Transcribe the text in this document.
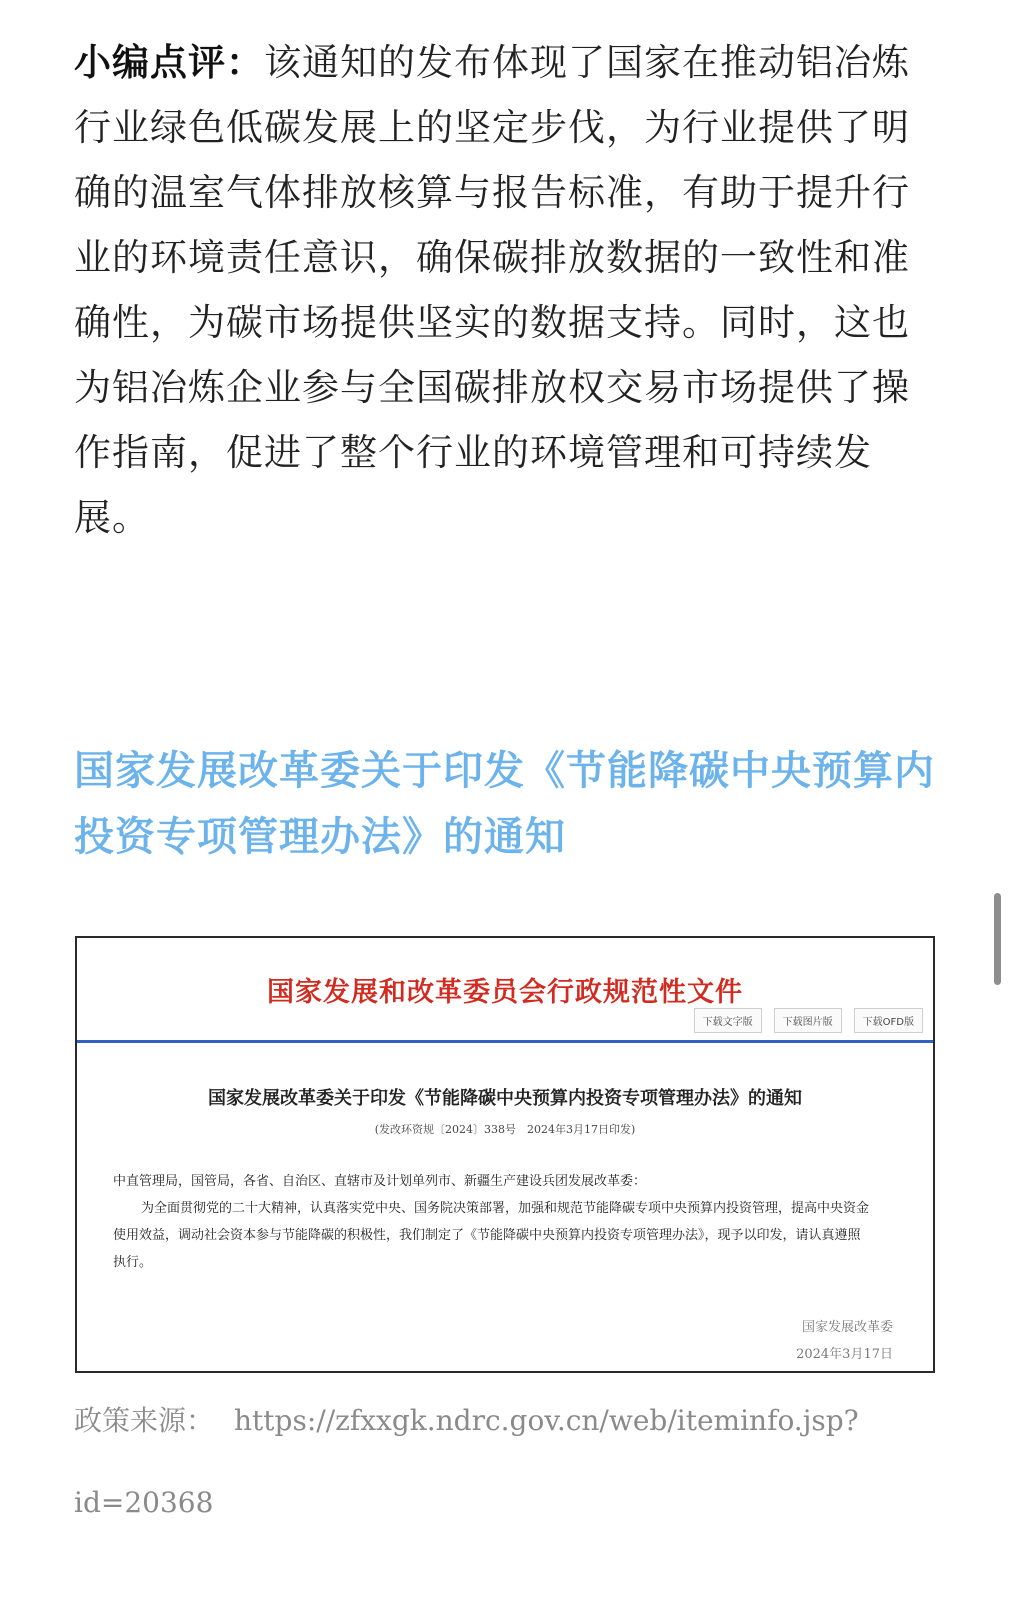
小编点评：该通知的发布体现了国家在推动铝冶炼行业绿色低碳发展上的坚定步伐，为行业提供了明确的温室气体排放核算与报告标准，有助于提升行业的环境责任意识，确保碳排放数据的一致性和准确性，为碳市场提供坚实的数据支持。同时，这也为铝冶炼企业参与全国碳排放权交易市场提供了操作指南，促进了整个行业的环境管理和可持续发展。

国家发展改革委关于印发《节能降碳中央预算内投资专项管理办法》的通知
国家发展和改革委员会行政规范性文件
下载文字版	下载图片版	下载OFD版
国家发展改革委关于印发《节能降碳中央预算内投资专项管理办法》的通知
(发改环资规〔2024〕338号　2024年3月17日印发)

中直管理局，国管局，各省、自治区、直辖市及计划单列市、新疆生产建设兵团发展改革委：

为全面贯彻党的二十大精神，认真落实党中央、国务院决策部署，加强和规范节能降碳专项中央预算内投资管理，提高中央资金使用效益，调动社会资本参与节能降碳的积极性，我们制定了《节能降碳中央预算内投资专项管理办法》，现予以印发，请认真遵照执行。

国家发展改革委
2024年3月17日
政策来源： https://zfxxgk.ndrc.gov.cn/web/iteminfo.jsp?
id=20368
